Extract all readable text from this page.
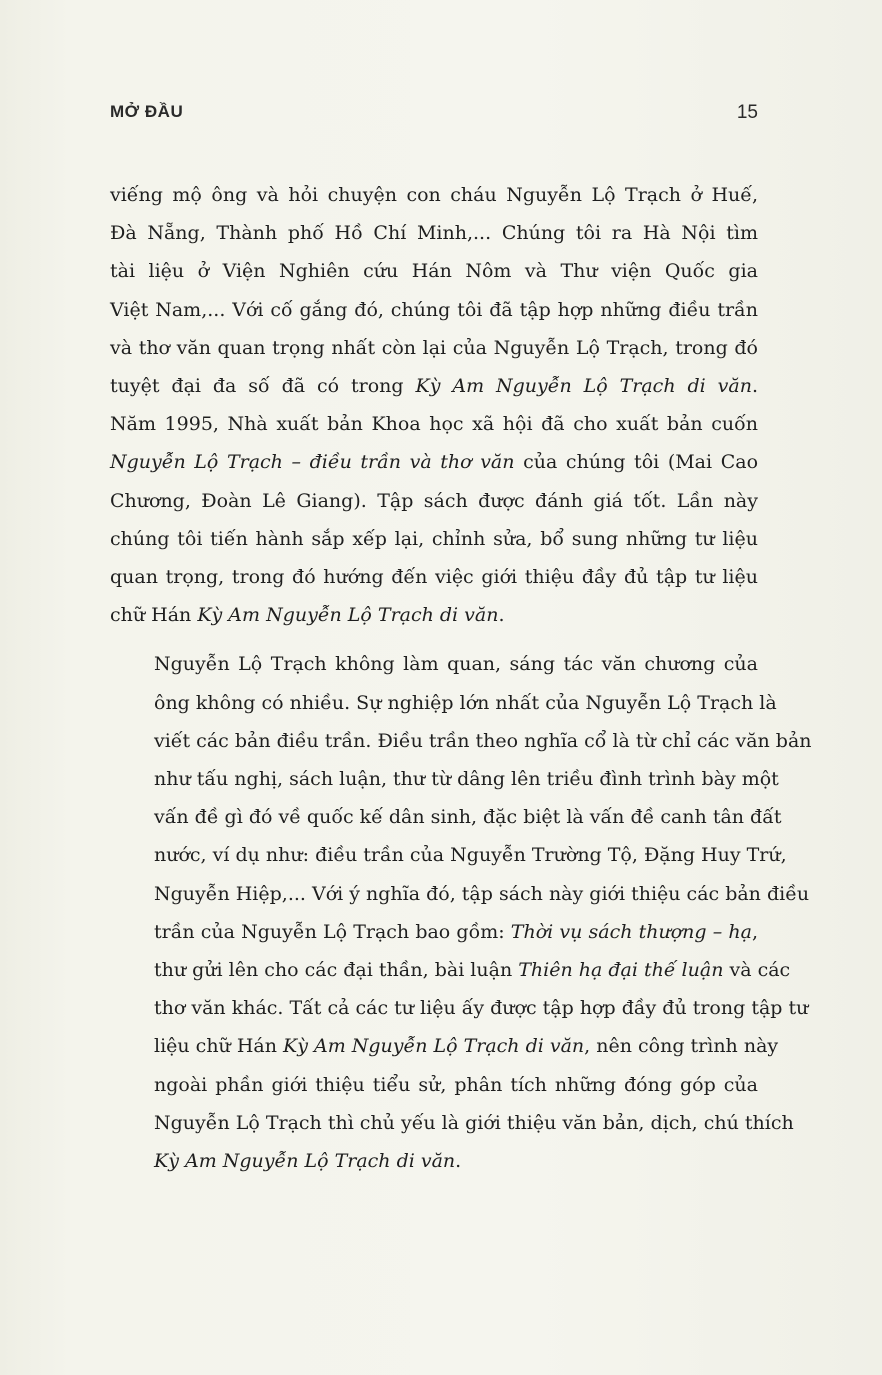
MỞ ĐẦU	15

viếng mộ ông và hỏi chuyện con cháu Nguyễn Lộ Trạch ở Huế,
Đà Nẵng, Thành phố Hồ Chí Minh,... Chúng tôi ra Hà Nội tìm
tài liệu ở Viện Nghiên cứu Hán Nôm và Thư viện Quốc gia
Việt Nam,... Với cố gắng đó, chúng tôi đã tập hợp những điều trần
và thơ văn quan trọng nhất còn lại của Nguyễn Lộ Trạch, trong đó
tuyệt đại đa số đã có trong Kỳ Am Nguyễn Lộ Trạch di văn.
Năm 1995, Nhà xuất bản Khoa học xã hội đã cho xuất bản cuốn
Nguyễn Lộ Trạch – điều trần và thơ văn của chúng tôi (Mai Cao
Chương, Đoàn Lê Giang). Tập sách được đánh giá tốt. Lần này
chúng tôi tiến hành sắp xếp lại, chỉnh sửa, bổ sung những tư liệu
quan trọng, trong đó hướng đến việc giới thiệu đầy đủ tập tư liệu
chữ Hán Kỳ Am Nguyễn Lộ Trạch di văn.

Nguyễn Lộ Trạch không làm quan, sáng tác văn chương của
ông không có nhiều. Sự nghiệp lớn nhất của Nguyễn Lộ Trạch là
viết các bản điều trần. Điều trần theo nghĩa cổ là từ chỉ các văn bản
như tấu nghị, sách luận, thư từ dâng lên triều đình trình bày một
vấn đề gì đó về quốc kế dân sinh, đặc biệt là vấn đề canh tân đất
nước, ví dụ như: điều trần của Nguyễn Trường Tộ, Đặng Huy Trứ,
Nguyễn Hiệp,... Với ý nghĩa đó, tập sách này giới thiệu các bản điều
trần của Nguyễn Lộ Trạch bao gồm: Thời vụ sách thượng – hạ,
thư gửi lên cho các đại thần, bài luận Thiên hạ đại thế luận và các
thơ văn khác. Tất cả các tư liệu ấy được tập hợp đầy đủ trong tập tư
liệu chữ Hán Kỳ Am Nguyễn Lộ Trạch di văn, nên công trình này
ngoài phần giới thiệu tiểu sử, phân tích những đóng góp của
Nguyễn Lộ Trạch thì chủ yếu là giới thiệu văn bản, dịch, chú thích
Kỳ Am Nguyễn Lộ Trạch di văn.
